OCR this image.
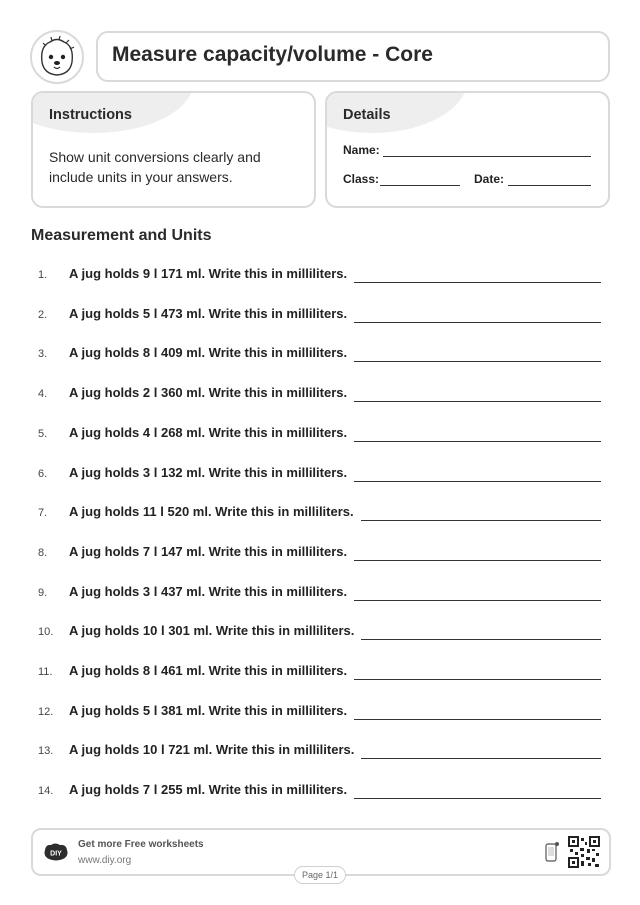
Measure capacity/volume - Core
Instructions
Show unit conversions clearly and include units in your answers.
Details
Name:
Class:	Date:
Measurement and Units
1. A jug holds 9 l 171 ml. Write this in milliliters.
2. A jug holds 5 l 473 ml. Write this in milliliters.
3. A jug holds 8 l 409 ml. Write this in milliliters.
4. A jug holds 2 l 360 ml. Write this in milliliters.
5. A jug holds 4 l 268 ml. Write this in milliliters.
6. A jug holds 3 l 132 ml. Write this in milliliters.
7. A jug holds 11 l 520 ml. Write this in milliliters.
8. A jug holds 7 l 147 ml. Write this in milliliters.
9. A jug holds 3 l 437 ml. Write this in milliliters.
10. A jug holds 10 l 301 ml. Write this in milliliters.
11. A jug holds 8 l 461 ml. Write this in milliliters.
12. A jug holds 5 l 381 ml. Write this in milliliters.
13. A jug holds 10 l 721 ml. Write this in milliliters.
14. A jug holds 7 l 255 ml. Write this in milliliters.
DIY
Get more Free worksheets
www.diy.org
Page 1/1
